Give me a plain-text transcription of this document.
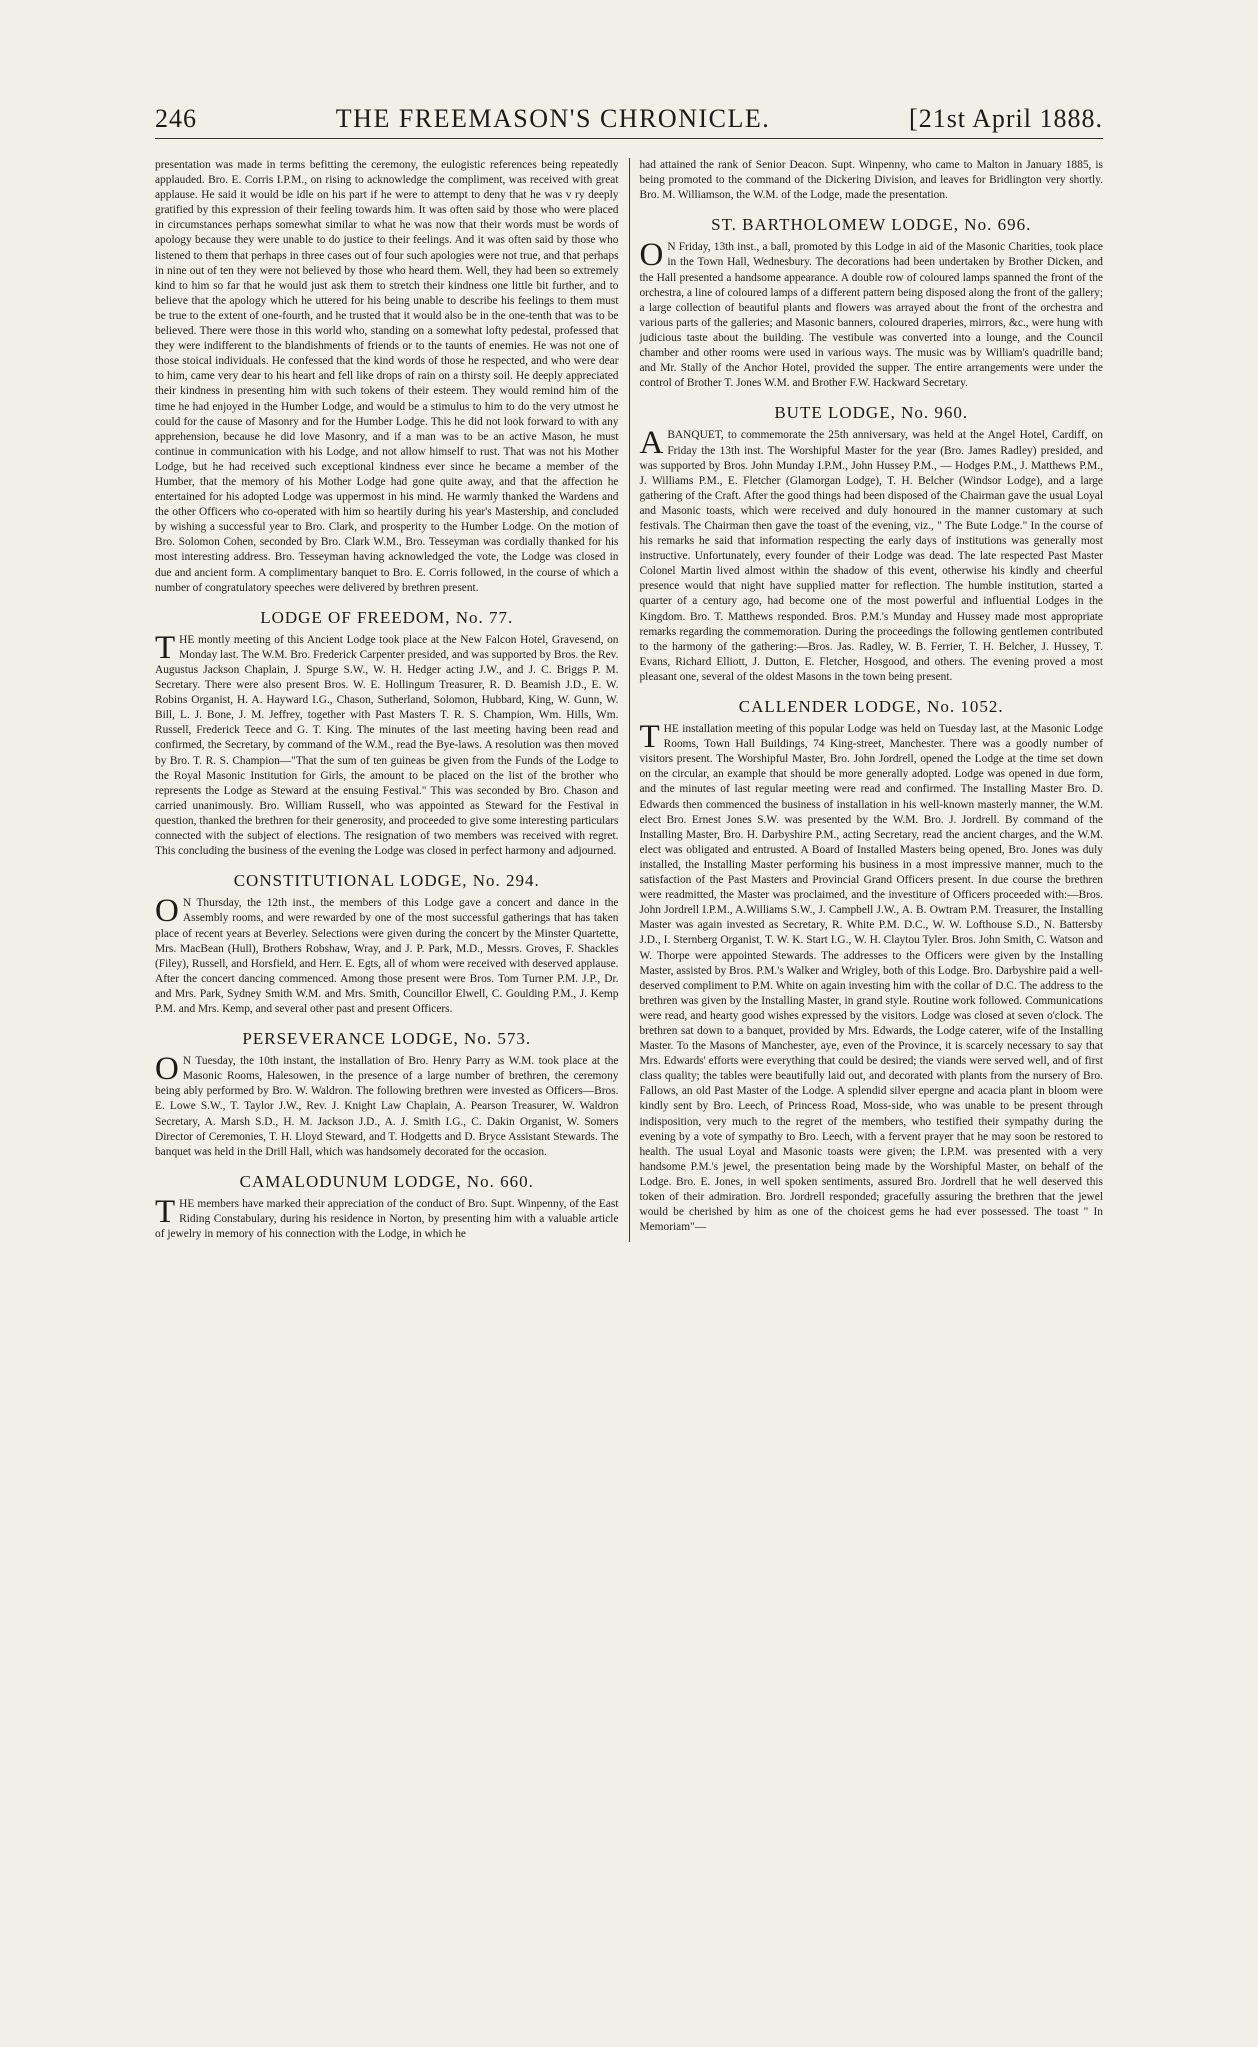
246	THE FREEMASON'S CHRONICLE.	[21st April 1888.

presentation was made in terms befitting the ceremony, the eulogistic references being repeatedly applauded. Bro. E. Corris I.P.M., on rising to acknowledge the compliment, was received with great applause. He said it would be idle on his part if he were to attempt to deny that he was v ry deeply gratified by this expression of their feeling towards him. It was often said by those who were placed in circumstances perhaps somewhat similar to what he was now that their words must be words of apology because they were unable to do justice to their feelings. And it was often said by those who listened to them that perhaps in three cases out of four such apologies were not true, and that perhaps in nine out of ten they were not believed by those who heard them. Well, they had been so extremely kind to him so far that he would just ask them to stretch their kindness one little bit further, and to believe that the apology which he uttered for his being unable to describe his feelings to them must be true to the extent of one-fourth, and he trusted that it would also be in the one-tenth that was to be believed. There were those in this world who, standing on a somewhat lofty pedestal, professed that they were indifferent to the blandishments of friends or to the taunts of enemies. He was not one of those stoical individuals. He confessed that the kind words of those he respected, and who were dear to him, came very dear to his heart and fell like drops of rain on a thirsty soil. He deeply appreciated their kindness in presenting him with such tokens of their esteem. They would remind him of the time he had enjoyed in the Humber Lodge, and would be a stimulus to him to do the very utmost he could for the cause of Masonry and for the Humber Lodge. This he did not look forward to with any apprehension, because he did love Masonry, and if a man was to be an active Mason, he must continue in communication with his Lodge, and not allow himself to rust. That was not his Mother Lodge, but he had received such exceptional kindness ever since he became a member of the Humber, that the memory of his Mother Lodge had gone quite away, and that the affection he entertained for his adopted Lodge was uppermost in his mind. He warmly thanked the Wardens and the other Officers who co-operated with him so heartily during his year's Mastership, and concluded by wishing a successful year to Bro. Clark, and prosperity to the Humber Lodge. On the motion of Bro. Solomon Cohen, seconded by Bro. Clark W.M., Bro. Tesseyman was cordially thanked for his most interesting address. Bro. Tesseyman having acknowledged the vote, the Lodge was closed in due and ancient form. A complimentary banquet to Bro. E. Corris followed, in the course of which a number of congratulatory speeches were delivered by brethren present.

LODGE OF FREEDOM, No. 77.

THE montly meeting of this Ancient Lodge took place at the New Falcon Hotel, Gravesend, on Monday last. The W.M. Bro. Frederick Carpenter presided, and was supported by Bros. the Rev. Augustus Jackson Chaplain, J. Spurge S.W., W. H. Hedger acting J.W., and J. C. Briggs P. M. Secretary. There were also present Bros. W. E. Hollingum Treasurer, R. D. Beamish J.D., E. W. Robins Organist, H. A. Hayward I.G., Chason, Sutherland, Solomon, Hubbard, King, W. Gunn, W. Bill, L. J. Bone, J. M. Jeffrey, together with Past Masters T. R. S. Champion, Wm. Hills, Wm. Russell, Frederick Teece and G. T. King. The minutes of the last meeting having been read and confirmed, the Secretary, by command of the W.M., read the Bye-laws. A resolution was then moved by Bro. T. R. S. Champion—"That the sum of ten guineas be given from the Funds of the Lodge to the Royal Masonic Institution for Girls, the amount to be placed on the list of the brother who represents the Lodge as Steward at the ensuing Festival." This was seconded by Bro. Chason and carried unanimously. Bro. William Russell, who was appointed as Steward for the Festival in question, thanked the brethren for their generosity, and proceeded to give some interesting particulars connected with the subject of elections. The resignation of two members was received with regret. This concluding the business of the evening the Lodge was closed in perfect harmony and adjourned.

CONSTITUTIONAL LODGE, No. 294.

ON Thursday, the 12th inst., the members of this Lodge gave a concert and dance in the Assembly rooms, and were rewarded by one of the most successful gatherings that has taken place of recent years at Beverley. Selections were given during the concert by the Minster Quartette, Mrs. MacBean (Hull), Brothers Robshaw, Wray, and J. P. Park, M.D., Messrs. Groves, F. Shackles (Filey), Russell, and Horsfield, and Herr. E. Egts, all of whom were received with deserved applause. After the concert dancing commenced. Among those present were Bros. Tom Turner P.M. J.P., Dr. and Mrs. Park, Sydney Smith W.M. and Mrs. Smith, Councillor Elwell, C. Goulding P.M., J. Kemp P.M. and Mrs. Kemp, and several other past and present Officers.

PERSEVERANCE LODGE, No. 573.

ON Tuesday, the 10th instant, the installation of Bro. Henry Parry as W.M. took place at the Masonic Rooms, Halesowen, in the presence of a large number of brethren, the ceremony being ably performed by Bro. W. Waldron. The following brethren were invested as Officers—Bros. E. Lowe S.W., T. Taylor J.W., Rev. J. Knight Law Chaplain, A. Pearson Treasurer, W. Waldron Secretary, A. Marsh S.D., H. M. Jackson J.D., A. J. Smith I.G., C. Dakin Organist, W. Somers Director of Ceremonies, T. H. Lloyd Steward, and T. Hodgetts and D. Bryce Assistant Stewards. The banquet was held in the Drill Hall, which was handsomely decorated for the occasion.

CAMALODUNUM LODGE, No. 660.

THE members have marked their appreciation of the conduct of Bro. Supt. Winpenny, of the East Riding Constabulary, during his residence in Norton, by presenting him with a valuable article of jewelry in memory of his connection with the Lodge, in which he

had attained the rank of Senior Deacon. Supt. Winpenny, who came to Malton in January 1885, is being promoted to the command of the Dickering Division, and leaves for Bridlington very shortly. Bro. M. Williamson, the W.M. of the Lodge, made the presentation.

ST. BARTHOLOMEW LODGE, No. 696.

ON Friday, 13th inst., a ball, promoted by this Lodge in aid of the Masonic Charities, took place in the Town Hall, Wednesbury. The decorations had been undertaken by Brother Dicken, and the Hall presented a handsome appearance. A double row of coloured lamps spanned the front of the orchestra, a line of coloured lamps of a different pattern being disposed along the front of the gallery; a large collection of beautiful plants and flowers was arrayed about the front of the orchestra and various parts of the galleries; and Masonic banners, coloured draperies, mirrors, &c., were hung with judicious taste about the building. The vestibule was converted into a lounge, and the Council chamber and other rooms were used in various ways. The music was by William's quadrille band; and Mr. Stally of the Anchor Hotel, provided the supper. The entire arrangements were under the control of Brother T. Jones W.M. and Brother F.W. Hackward Secretary.

BUTE LODGE, No. 960.

ABANQUET, to commemorate the 25th anniversary, was held at the Angel Hotel, Cardiff, on Friday the 13th inst. The Worshipful Master for the year (Bro. James Radley) presided, and was supported by Bros. John Munday I.P.M., John Hussey P.M., — Hodges P.M., J. Matthews P.M., J. Williams P.M., E. Fletcher (Glamorgan Lodge), T. H. Belcher (Windsor Lodge), and a large gathering of the Craft. After the good things had been disposed of the Chairman gave the usual Loyal and Masonic toasts, which were received and duly honoured in the manner customary at such festivals. The Chairman then gave the toast of the evening, viz., " The Bute Lodge." In the course of his remarks he said that information respecting the early days of institutions was generally most instructive. Unfortunately, every founder of their Lodge was dead. The late respected Past Master Colonel Martin lived almost within the shadow of this event, otherwise his kindly and cheerful presence would that night have supplied matter for reflection. The humble institution, started a quarter of a century ago, had become one of the most powerful and influential Lodges in the Kingdom. Bro. T. Matthews responded. Bros. P.M.'s Munday and Hussey made most appropriate remarks regarding the commemoration. During the proceedings the following gentlemen contributed to the harmony of the gathering:—Bros. Jas. Radley, W. B. Ferrier, T. H. Belcher, J. Hussey, T. Evans, Richard Elliott, J. Dutton, E. Fletcher, Hosgood, and others. The evening proved a most pleasant one, several of the oldest Masons in the town being present.

CALLENDER LODGE, No. 1052.

THE installation meeting of this popular Lodge was held on Tuesday last, at the Masonic Lodge Rooms, Town Hall Buildings, 74 King-street, Manchester. There was a goodly number of visitors present. The Worshipful Master, Bro. John Jordrell, opened the Lodge at the time set down on the circular, an example that should be more generally adopted. Lodge was opened in due form, and the minutes of last regular meeting were read and confirmed. The Installing Master Bro. D. Edwards then commenced the business of installation in his well-known masterly manner, the W.M. elect Bro. Ernest Jones S.W. was presented by the W.M. Bro. J. Jordrell. By command of the Installing Master, Bro. H. Darbyshire P.M., acting Secretary, read the ancient charges, and the W.M. elect was obligated and entrusted. A Board of Installed Masters being opened, Bro. Jones was duly installed, the Installing Master performing his business in a most impressive manner, much to the satisfaction of the Past Masters and Provincial Grand Officers present. In due course the brethren were readmitted, the Master was proclaimed, and the investiture of Officers proceeded with:—Bros. John Jordrell I.P.M., A.Williams S.W., J. Campbell J.W., A. B. Owtram P.M. Treasurer, the Installing Master was again invested as Secretary, R. White P.M. D.C., W. W. Lofthouse S.D., N. Battersby J.D., I. Sternberg Organist, T. W. K. Start I.G., W. H. Claytou Tyler. Bros. John Smith, C. Watson and W. Thorpe were appointed Stewards. The addresses to the Officers were given by the Installing Master, assisted by Bros. P.M.'s Walker and Wrigley, both of this Lodge. Bro. Darbyshire paid a well-deserved compliment to P.M. White on again investing him with the collar of D.C. The address to the brethren was given by the Installing Master, in grand style. Routine work followed. Communications were read, and hearty good wishes expressed by the visitors. Lodge was closed at seven o'clock. The brethren sat down to a banquet, provided by Mrs. Edwards, the Lodge caterer, wife of the Installing Master. To the Masons of Manchester, aye, even of the Province, it is scarcely necessary to say that Mrs. Edwards' efforts were everything that could be desired; the viands were served well, and of first class quality; the tables were beautifully laid out, and decorated with plants from the nursery of Bro. Fallows, an old Past Master of the Lodge. A splendid silver epergne and acacia plant in bloom were kindly sent by Bro. Leech, of Princess Road, Moss-side, who was unable to be present through indisposition, very much to the regret of the members, who testified their sympathy during the evening by a vote of sympathy to Bro. Leech, with a fervent prayer that he may soon be restored to health. The usual Loyal and Masonic toasts were given; the I.P.M. was presented with a very handsome P.M.'s jewel, the presentation being made by the Worshipful Master, on behalf of the Lodge. Bro. E. Jones, in well spoken sentiments, assured Bro. Jordrell that he well deserved this token of their admiration. Bro. Jordrell responded; gracefully assuring the brethren that the jewel would be cherished by him as one of the choicest gems he had ever possessed. The toast " In Memoriam"—
